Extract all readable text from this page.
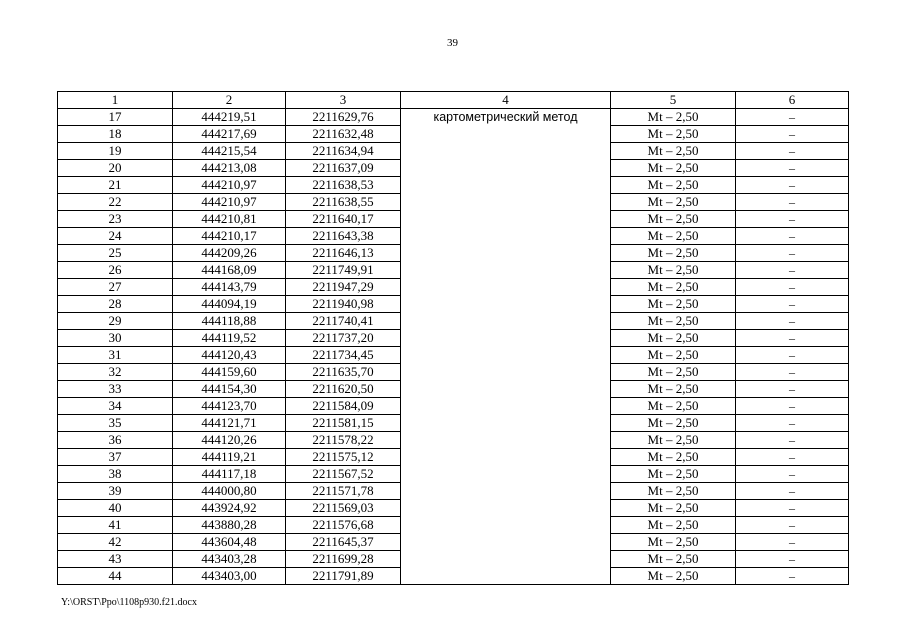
39
1	2	3	4	5	6
17	444219,51	2211629,76	картометрический метод	Mt – 2,50	–
18	444217,69	2211632,48		Mt – 2,50	–
19	444215,54	2211634,94		Mt – 2,50	–
20	444213,08	2211637,09		Mt – 2,50	–
21	444210,97	2211638,53		Mt – 2,50	–
22	444210,97	2211638,55		Mt – 2,50	–
23	444210,81	2211640,17		Mt – 2,50	–
24	444210,17	2211643,38		Mt – 2,50	–
25	444209,26	2211646,13		Mt – 2,50	–
26	444168,09	2211749,91		Mt – 2,50	–
27	444143,79	2211947,29		Mt – 2,50	–
28	444094,19	2211940,98		Mt – 2,50	–
29	444118,88	2211740,41		Mt – 2,50	–
30	444119,52	2211737,20		Mt – 2,50	–
31	444120,43	2211734,45		Mt – 2,50	–
32	444159,60	2211635,70		Mt – 2,50	–
33	444154,30	2211620,50		Mt – 2,50	–
34	444123,70	2211584,09		Mt – 2,50	–
35	444121,71	2211581,15		Mt – 2,50	–
36	444120,26	2211578,22		Mt – 2,50	–
37	444119,21	2211575,12		Mt – 2,50	–
38	444117,18	2211567,52		Mt – 2,50	–
39	444000,80	2211571,78		Mt – 2,50	–
40	443924,92	2211569,03		Mt – 2,50	–
41	443880,28	2211576,68		Mt – 2,50	–
42	443604,48	2211645,37		Mt – 2,50	–
43	443403,28	2211699,28		Mt – 2,50	–
44	443403,00	2211791,89		Mt – 2,50	–
Y:\ORST\Ppo\1108p930.f21.docx
